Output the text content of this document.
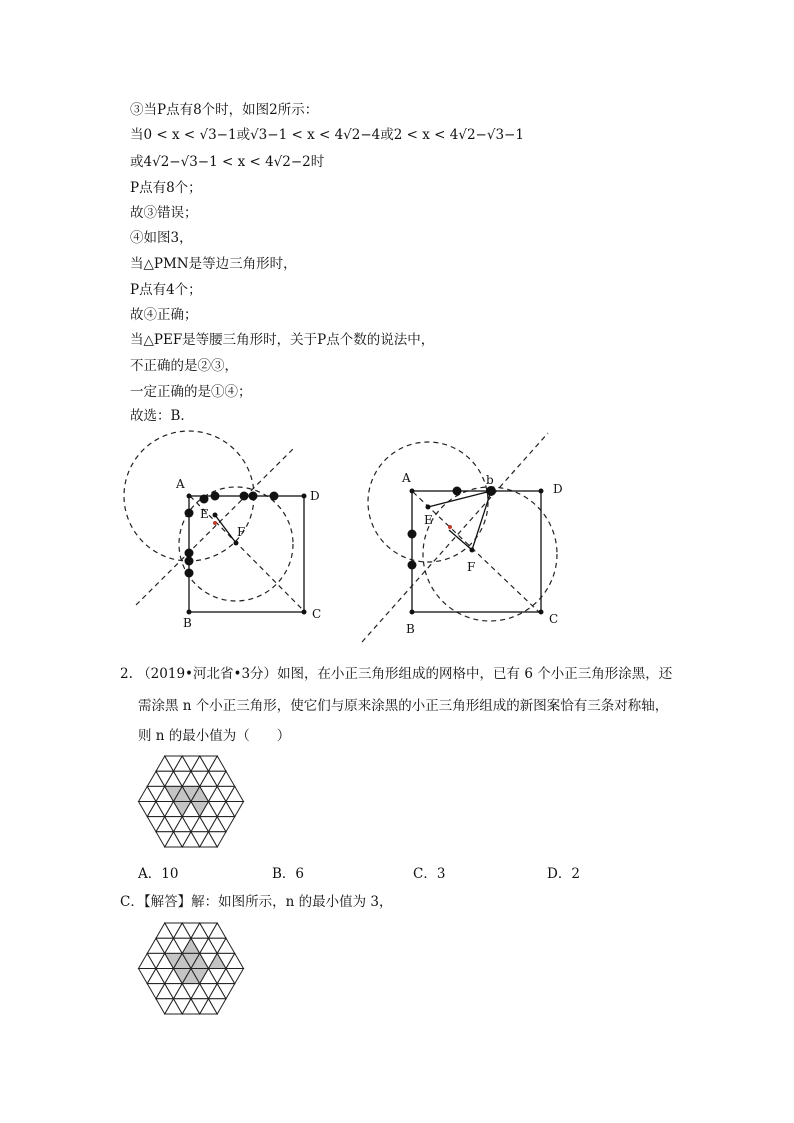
③当P点有8个时，如图2所示：
当0 < x < √3−1或√3−1 < x < 4√2−4或2 < x < 4√2−√3−1
或4√2−√3−1 < x < 4√2−2时
P点有8个；
故③错误；
④如图3，
当△PMN是等边三角形时，
P点有4个；
故④正确；
当△PEF是等腰三角形时，关于P点个数的说法中，
不正确的是②③，
一定正确的是①④；
故选：B．
A
D
B
C
E
F
A
D
B
C
E
F
b
2. （2019•河北省•3分）如图，在小正三角形组成的网格中，已有 6 个小正三角形涂黑，还
需涂黑 n 个小正三角形，使它们与原来涂黑的小正三角形组成的新图案恰有三条对称轴，
则 n 的最小值为（　　）
A．10	B．6	C．3	D．2
C．【解答】解：如图所示，n 的最小值为 3，
